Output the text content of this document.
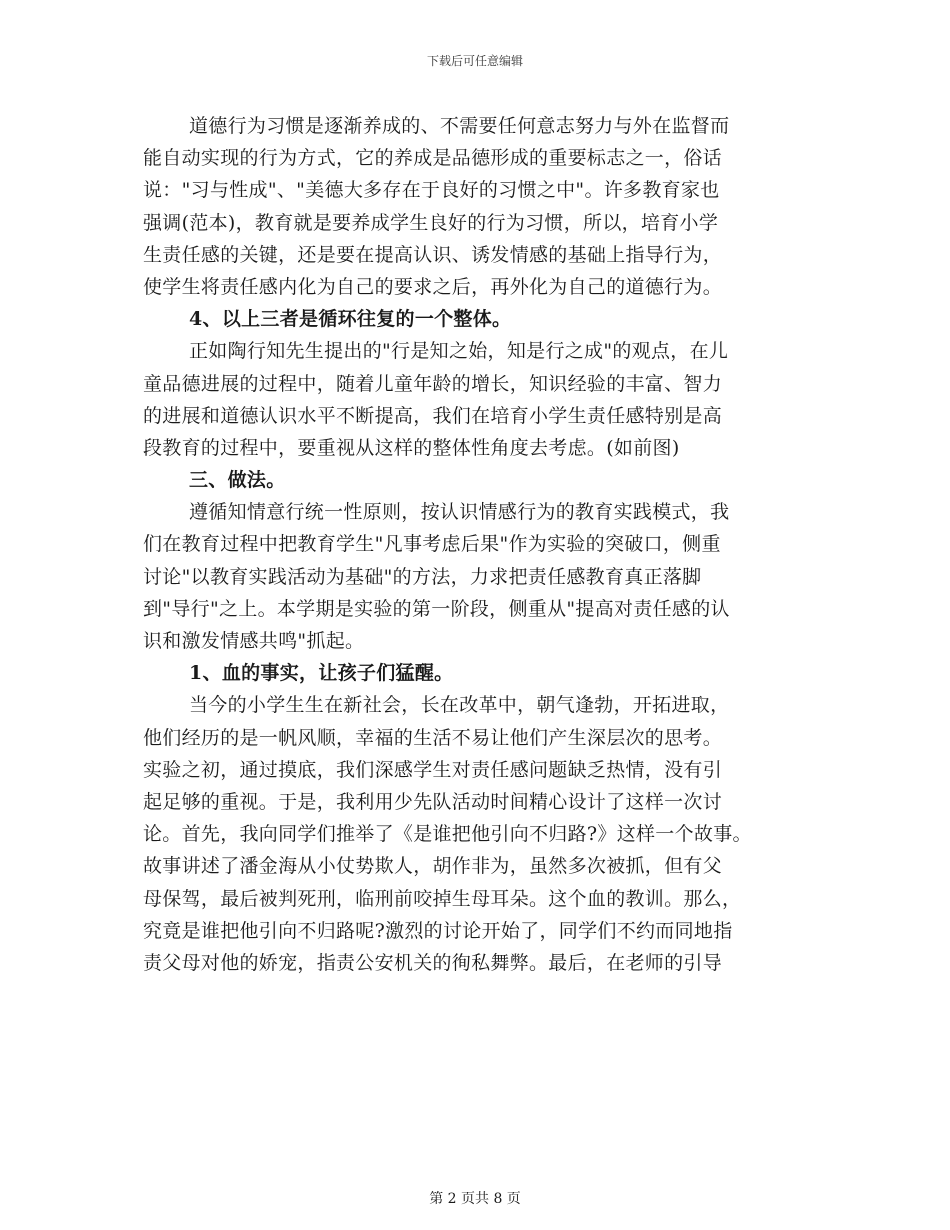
下载后可任意编辑
道德行为习惯是逐渐养成的、不需要任何意志努力与外在监督而
能自动实现的行为方式，它的养成是品德形成的重要标志之一，俗话
说："习与性成"、"美德大多存在于良好的习惯之中"。许多教育家也
强调(范本)，教育就是要养成学生良好的行为习惯，所以，培育小学
生责任感的关键，还是要在提高认识、诱发情感的基础上指导行为，
使学生将责任感内化为自己的要求之后，再外化为自己的道德行为。
4、以上三者是循环往复的一个整体。
正如陶行知先生提出的"行是知之始，知是行之成"的观点，在儿
童品德进展的过程中，随着儿童年龄的增长，知识经验的丰富、智力
的进展和道德认识水平不断提高，我们在培育小学生责任感特别是高
段教育的过程中，要重视从这样的整体性角度去考虑。(如前图)
三、做法。
遵循知情意行统一性原则，按认识情感行为的教育实践模式，我
们在教育过程中把教育学生"凡事考虑后果"作为实验的突破口，侧重
讨论"以教育实践活动为基础"的方法，力求把责任感教育真正落脚
到"导行"之上。本学期是实验的第一阶段，侧重从"提高对责任感的认
识和激发情感共鸣"抓起。
1、血的事实，让孩子们猛醒。
当今的小学生生在新社会，长在改革中，朝气逢勃，开拓进取，
他们经历的是一帆风顺，幸福的生活不易让他们产生深层次的思考。
实验之初，通过摸底，我们深感学生对责任感问题缺乏热情，没有引
起足够的重视。于是，我利用少先队活动时间精心设计了这样一次讨
论。首先，我向同学们推举了《是谁把他引向不归路?》这样一个故事。
故事讲述了潘金海从小仗势欺人，胡作非为，虽然多次被抓，但有父
母保驾，最后被判死刑，临刑前咬掉生母耳朵。这个血的教训。那么，
究竟是谁把他引向不归路呢?激烈的讨论开始了，同学们不约而同地指
责父母对他的娇宠，指责公安机关的徇私舞弊。最后，在老师的引导
第 2 页共 8 页
